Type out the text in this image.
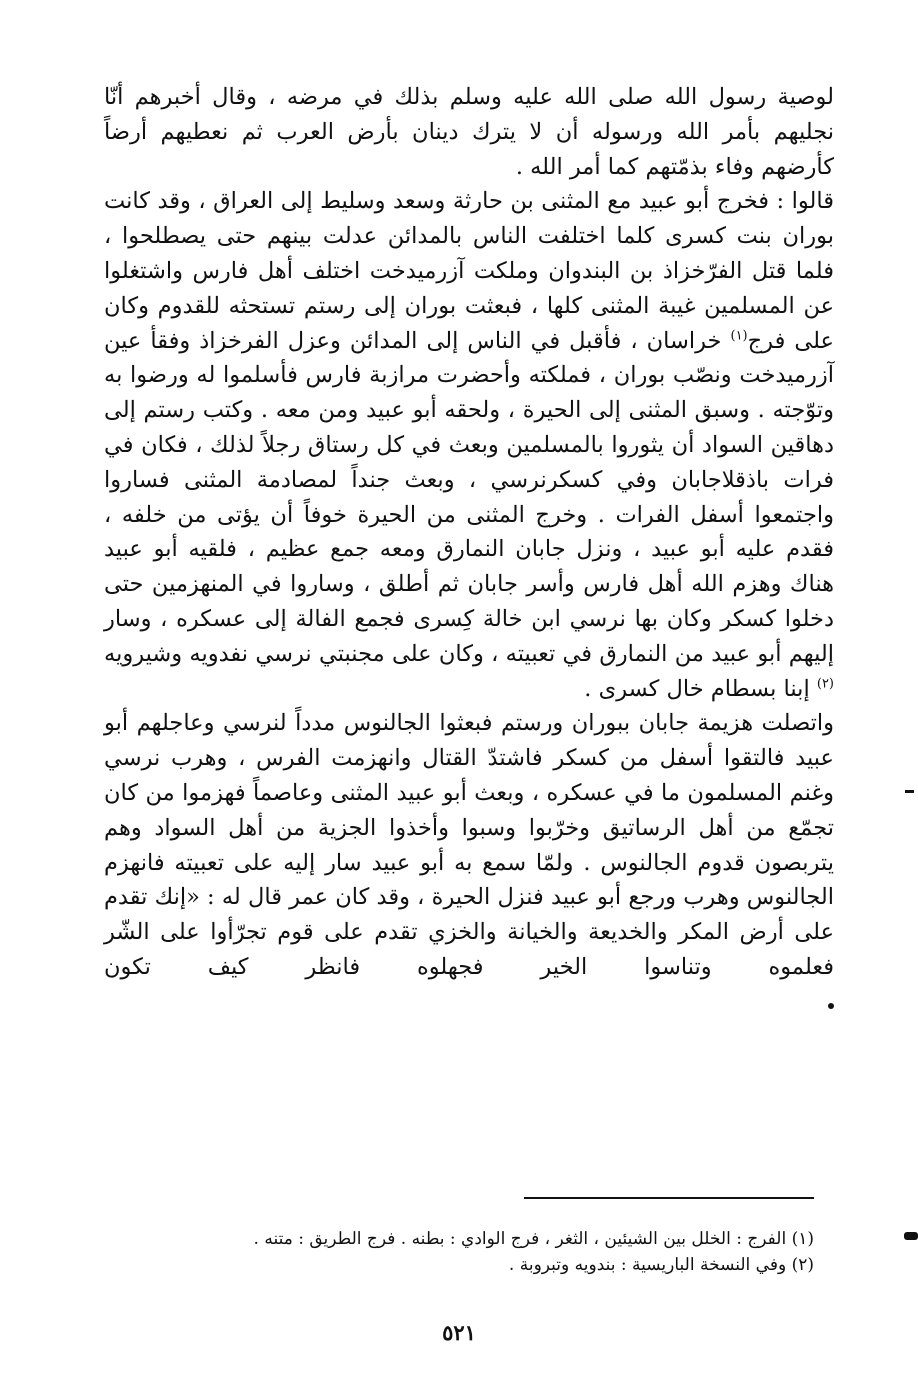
لوصية رسول الله صلى الله عليه وسلم بذلك في مرضه ، وقال أخبرهم أنّا نجليهم بأمر الله ورسوله أن لا يترك دينان بأرض العرب ثم نعطيهم أرضاً كأرضهم وفاء بذمّتهم كما أمر الله .

قالوا : فخرج أبو عبيد مع المثنى بن حارثة وسعد وسليط إلى العراق ، وقد كانت بوران بنت كسرى كلما اختلفت الناس بالمدائن عدلت بينهم حتى يصطلحوا ، فلما قتل الفرّخزاذ بن البندوان وملكت آزرميدخت اختلف أهل فارس واشتغلوا عن المسلمين غيبة المثنى كلها ، فبعثت بوران إلى رستم تستحثه للقدوم وكان على فرج$^{(١)}$ خراسان ، فأقبل في الناس إلى المدائن وعزل الفرخزاذ وفقأ عين آزرميدخت ونصّب بوران ، فملكته وأحضرت مرازبة فارس فأسلموا له ورضوا به وتوّجته . وسبق المثنى إلى الحيرة ، ولحقه أبو عبيد ومن معه . وكتب رستم إلى دهاقين السواد أن يثوروا بالمسلمين وبعث في كل رستاق رجلاً لذلك ، فكان في فرات باذقلاجابان وفي كسكرنرسي ، وبعث جنداً لمصادمة المثنى فساروا واجتمعوا أسفل الفرات . وخرج المثنى من الحيرة خوفاً أن يؤتى من خلفه ، فقدم عليه أبو عبيد ، ونزل جابان النمارق ومعه جمع عظيم ، فلقيه أبو عبيد هناك وهزم الله أهل فارس وأسر جابان ثم أطلق ، وساروا في المنهزمين حتى دخلوا كسكر وكان بها نرسي ابن خالة كِسرى فجمع الفالة إلى عسكره ، وسار إليهم أبو عبيد من النمارق في تعبيته ، وكان على مجنبتي نرسي نفدويه وشيرويه $^{(٢)}$ إبنا بسطام خال كسرى .

واتصلت هزيمة جابان ببوران ورستم فبعثوا الجالنوس مدداً لنرسي وعاجلهم أبو عبيد فالتقوا أسفل من كسكر فاشتدّ القتال وانهزمت الفرس ، وهرب نرسي وغنم المسلمون ما في عسكره ، وبعث أبو عبيد المثنى وعاصماً فهزموا من كان تجمّع من أهل الرساتيق وخرّبوا وسبوا وأخذوا الجزية من أهل السواد وهم يتربصون قدوم الجالنوس . ولمّا سمع به أبو عبيد سار إليه على تعبيته فانهزم الجالنوس وهرب ورجع أبو عبيد فنزل الحيرة ، وقد كان عمر قال له : «إنك تقدم على أرض المكر والخديعة والخيانة والخزي تقدم على قوم تجرّأوا على الشّر فعلموه وتناسوا الخير فجهلوه فانظر كيف تكون

(١) الفرج : الخلل بين الشيئين ، الثغر ، فرج الوادي : بطنه . فرج الطريق : متنه .

(٢) وفي النسخة الباريسية : بندويه وتبروبة .

٥٢١
